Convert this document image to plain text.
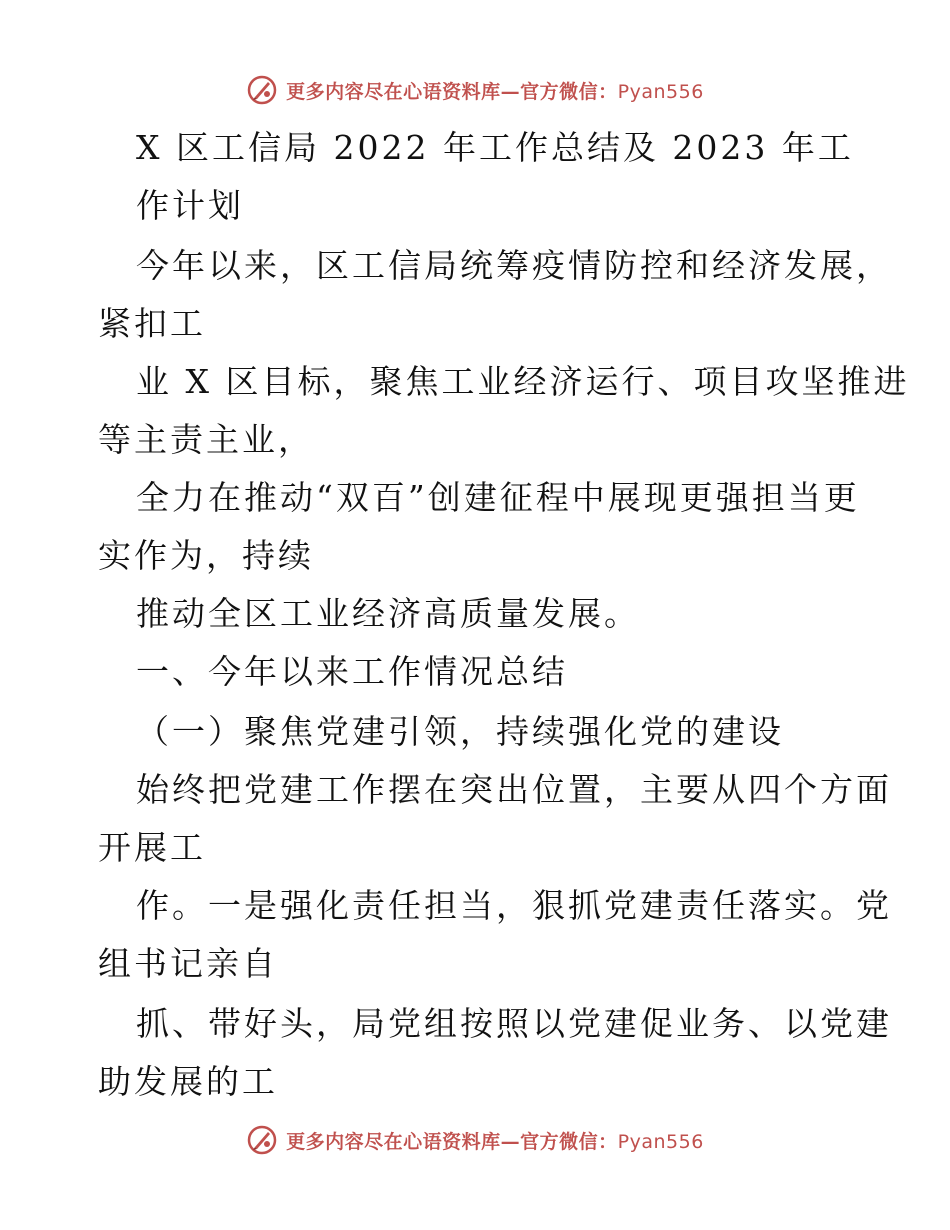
更多内容尽在心语资料库—官方微信：Pyan556
X 区工信局 2022 年工作总结及 2023 年工
作计划
今年以来，区工信局统筹疫情防控和经济发展，
紧扣工
业 X 区目标，聚焦工业经济运行、项目攻坚推进
等主责主业，
全力在推动“双百”创建征程中展现更强担当更
实作为，持续
推动全区工业经济高质量发展。
一、今年以来工作情况总结
（一）聚焦党建引领，持续强化党的建设
始终把党建工作摆在突出位置，主要从四个方面
开展工
作。一是强化责任担当，狠抓党建责任落实。党
组书记亲自
抓、带好头，局党组按照以党建促业务、以党建
助发展的工
更多内容尽在心语资料库—官方微信：Pyan556
